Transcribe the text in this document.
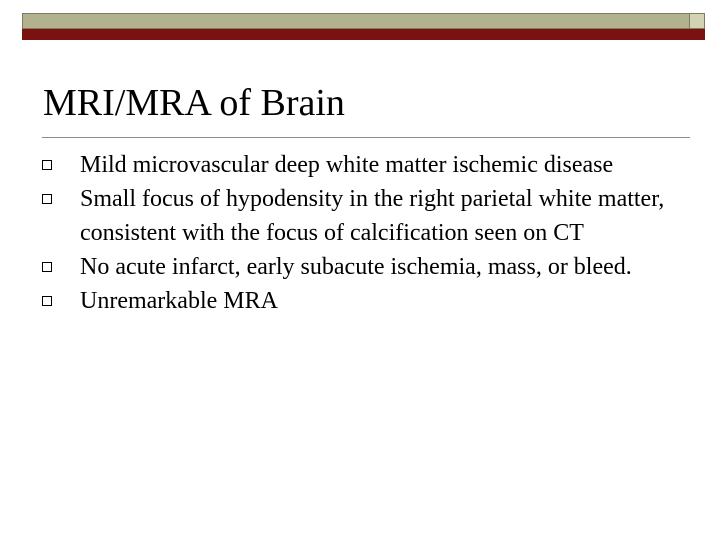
MRI/MRA of Brain
Mild microvascular deep white matter ischemic disease
Small focus of hypodensity in the right parietal white matter, consistent with the focus of calcification seen on CT
No acute infarct, early subacute ischemia, mass, or bleed.
Unremarkable MRA
